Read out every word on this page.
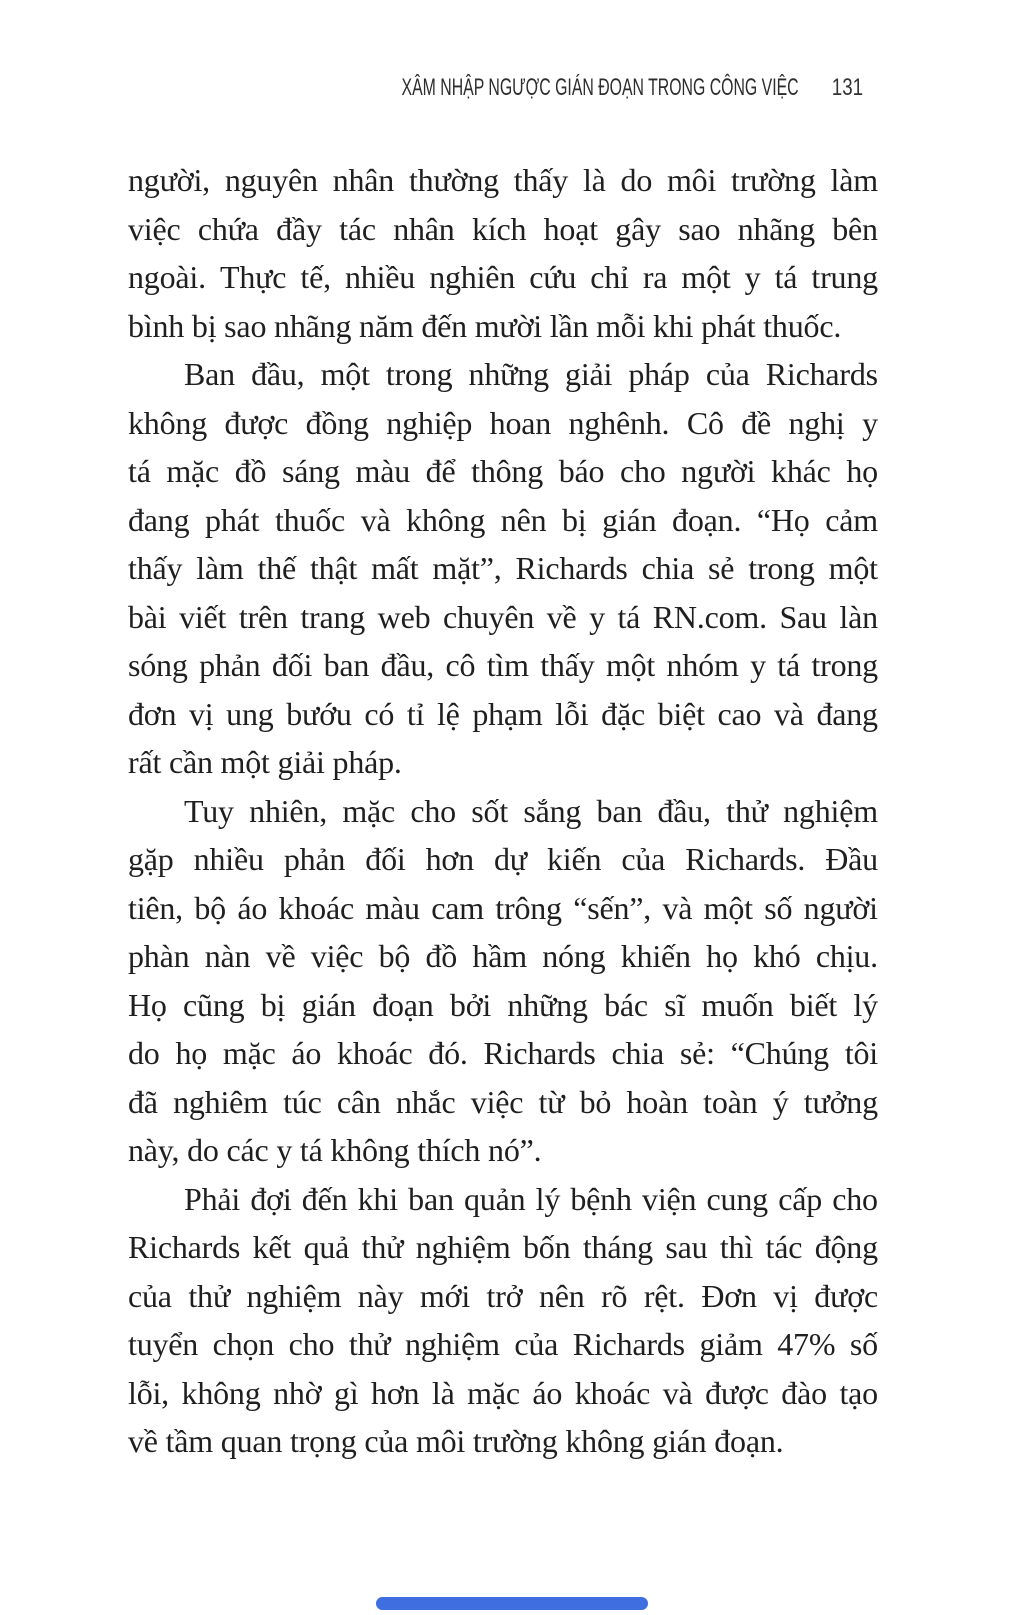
XÂM NHẬP NGƯỢC GIÁN ĐOẠN TRONG CÔNG VIỆC 131
người, nguyên nhân thường thấy là do môi trường làm
việc chứa đầy tác nhân kích hoạt gây sao nhãng bên
ngoài. Thực tế, nhiều nghiên cứu chỉ ra một y tá trung
bình bị sao nhãng năm đến mười lần mỗi khi phát thuốc.
Ban đầu, một trong những giải pháp của Richards
không được đồng nghiệp hoan nghênh. Cô đề nghị y
tá mặc đồ sáng màu để thông báo cho người khác họ
đang phát thuốc và không nên bị gián đoạn. “Họ cảm
thấy làm thế thật mất mặt”, Richards chia sẻ trong một
bài viết trên trang web chuyên về y tá RN.com. Sau làn
sóng phản đối ban đầu, cô tìm thấy một nhóm y tá trong
đơn vị ung bướu có tỉ lệ phạm lỗi đặc biệt cao và đang
rất cần một giải pháp.
Tuy nhiên, mặc cho sốt sắng ban đầu, thử nghiệm
gặp nhiều phản đối hơn dự kiến của Richards. Đầu
tiên, bộ áo khoác màu cam trông “sến”, và một số người
phàn nàn về việc bộ đồ hầm nóng khiến họ khó chịu.
Họ cũng bị gián đoạn bởi những bác sĩ muốn biết lý
do họ mặc áo khoác đó. Richards chia sẻ: “Chúng tôi
đã nghiêm túc cân nhắc việc từ bỏ hoàn toàn ý tưởng
này, do các y tá không thích nó”.
Phải đợi đến khi ban quản lý bệnh viện cung cấp cho
Richards kết quả thử nghiệm bốn tháng sau thì tác động
của thử nghiệm này mới trở nên rõ rệt. Đơn vị được
tuyển chọn cho thử nghiệm của Richards giảm 47% số
lỗi, không nhờ gì hơn là mặc áo khoác và được đào tạo
về tầm quan trọng của môi trường không gián đoạn.
